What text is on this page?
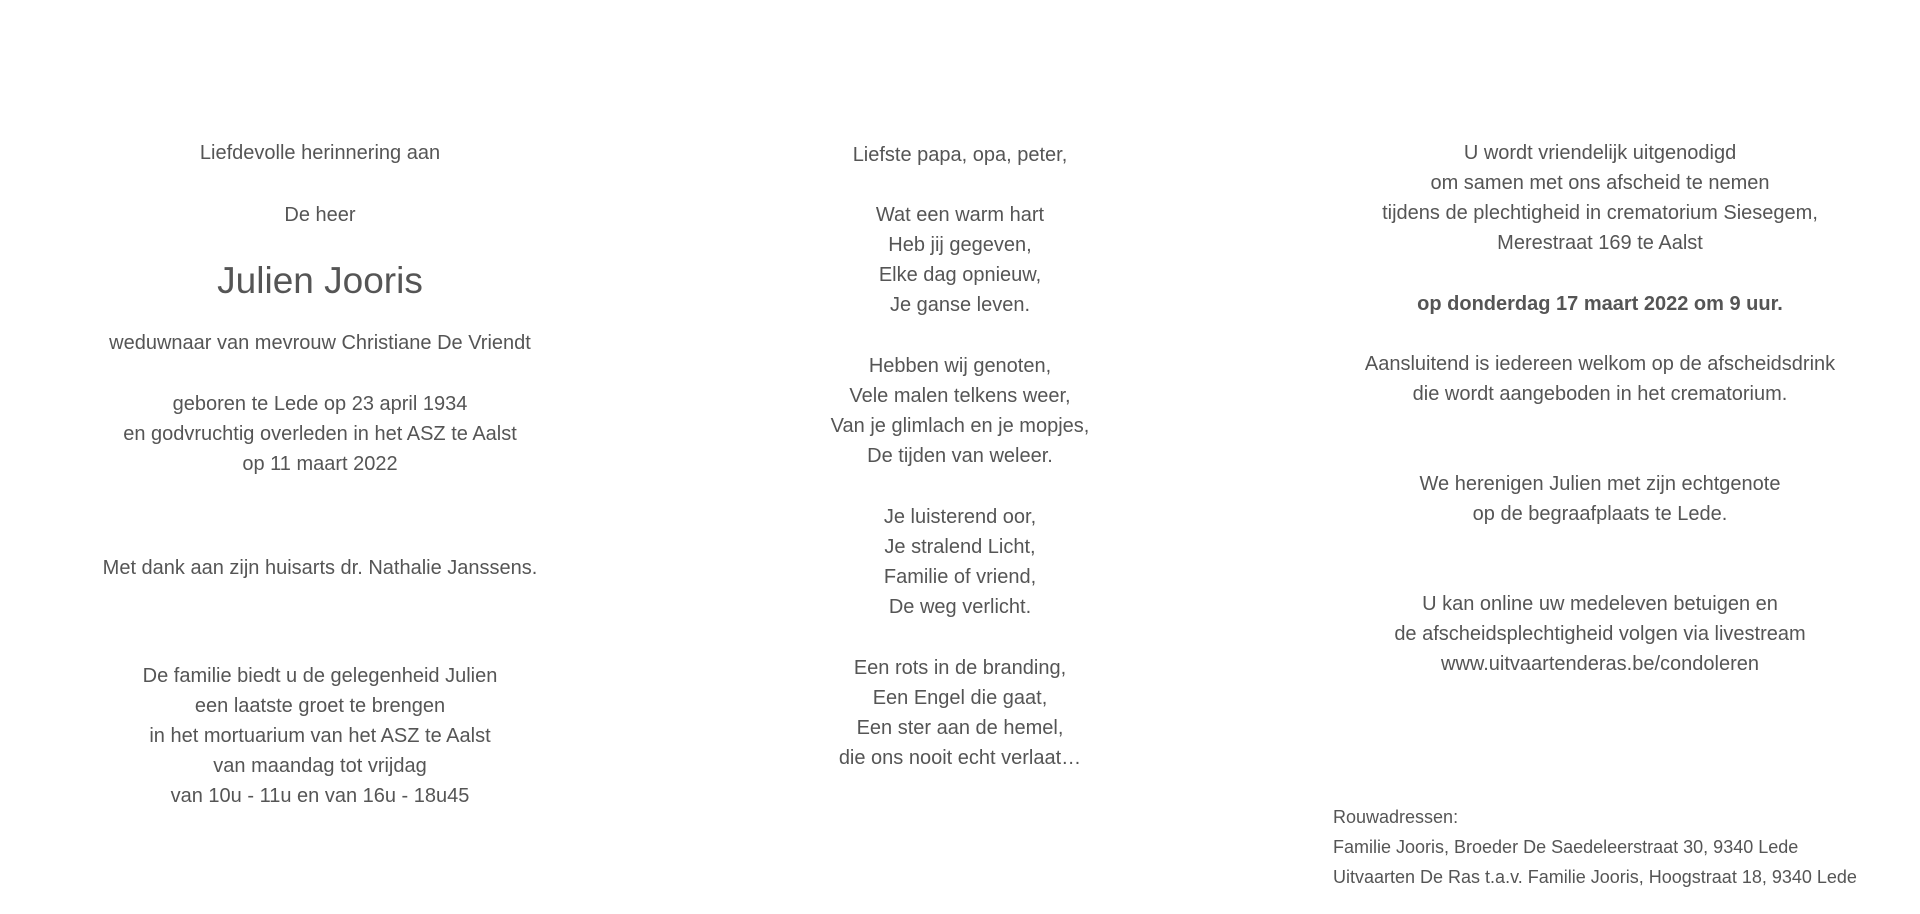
Liefdevolle herinnering aan
De heer
Julien Jooris
weduwnaar van mevrouw Christiane De Vriendt
geboren te Lede op 23 april 1934
en godvruchtig overleden in het ASZ te Aalst
op 11 maart 2022
Met dank aan zijn huisarts dr. Nathalie Janssens.
De familie biedt u de gelegenheid Julien
een laatste groet te brengen
in het mortuarium van het ASZ te Aalst
van maandag tot vrijdag
van 10u - 11u en van 16u - 18u45
Liefste papa, opa, peter,
Wat een warm hart
Heb jij gegeven,
Elke dag opnieuw,
Je ganse leven.
Hebben wij genoten,
Vele malen telkens weer,
Van je glimlach en je mopjes,
De tijden van weleer.
Je luisterend oor,
Je stralend Licht,
Familie of vriend,
De weg verlicht.
Een rots in de branding,
Een Engel die gaat,
Een ster aan de hemel,
die ons nooit echt verlaat…
U wordt vriendelijk uitgenodigd
om samen met ons afscheid te nemen
tijdens de plechtigheid in crematorium Siesegem,
Merestraat 169 te Aalst
op donderdag 17 maart 2022 om 9 uur.
Aansluitend is iedereen welkom op de afscheidsdrink
die wordt aangeboden in het crematorium.
We herenigen Julien met zijn echtgenote
op de begraafplaats te Lede.
U kan online uw medeleven betuigen en
de afscheidsplechtigheid volgen via livestream
www.uitvaartenderas.be/condoleren
Rouwadressen:
Familie Jooris, Broeder De Saedeleerstraat 30, 9340 Lede
Uitvaarten De Ras t.a.v. Familie Jooris, Hoogstraat 18, 9340 Lede
